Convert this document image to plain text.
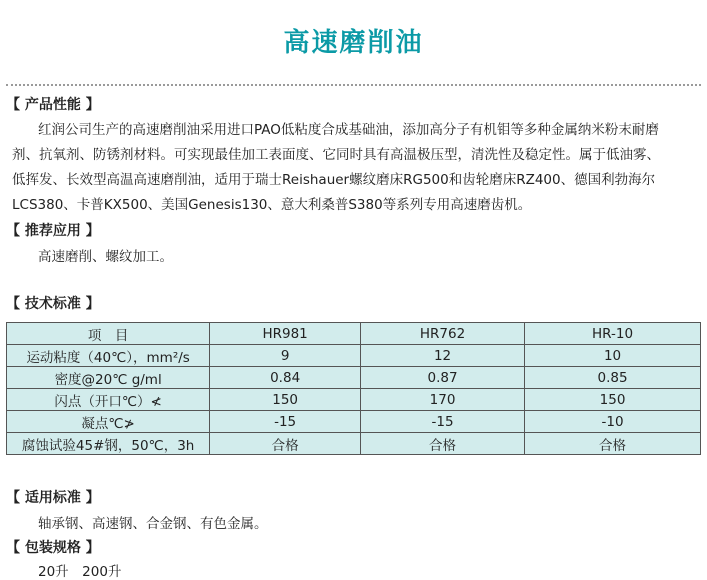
高速磨削油
【 产品性能 】
红润公司生产的高速磨削油采用进口PAO低粘度合成基础油，添加高分子有机钼等多种金属纳米粉末耐磨
剂、抗氧剂、防锈剂材料。可实现最佳加工表面度、它同时具有高温极压型，清洗性及稳定性。属于低油雾、
低挥发、长效型高温高速磨削油，适用于瑞士Reishauer螺纹磨床RG500和齿轮磨床RZ400、德国利勃海尔
LCS380、卡普KX500、美国Genesis130、意大利桑普S380等系列专用高速磨齿机。
【 推荐应用 】
高速磨削、螺纹加工。
【 技术标准 】
项　目	HR981	HR762	HR-10
运动粘度（40℃），mm²/s	9	12	10
密度@20℃ g/ml	0.84	0.87	0.85
闪点（开口℃）≮	150	170	150
凝点℃≯	-15	-15	-10
腐蚀试验45#钢，50℃，3h	合格	合格	合格
【 适用标准 】
轴承钢、高速钢、合金钢、有色金属。
【 包装规格 】
20升　200升
